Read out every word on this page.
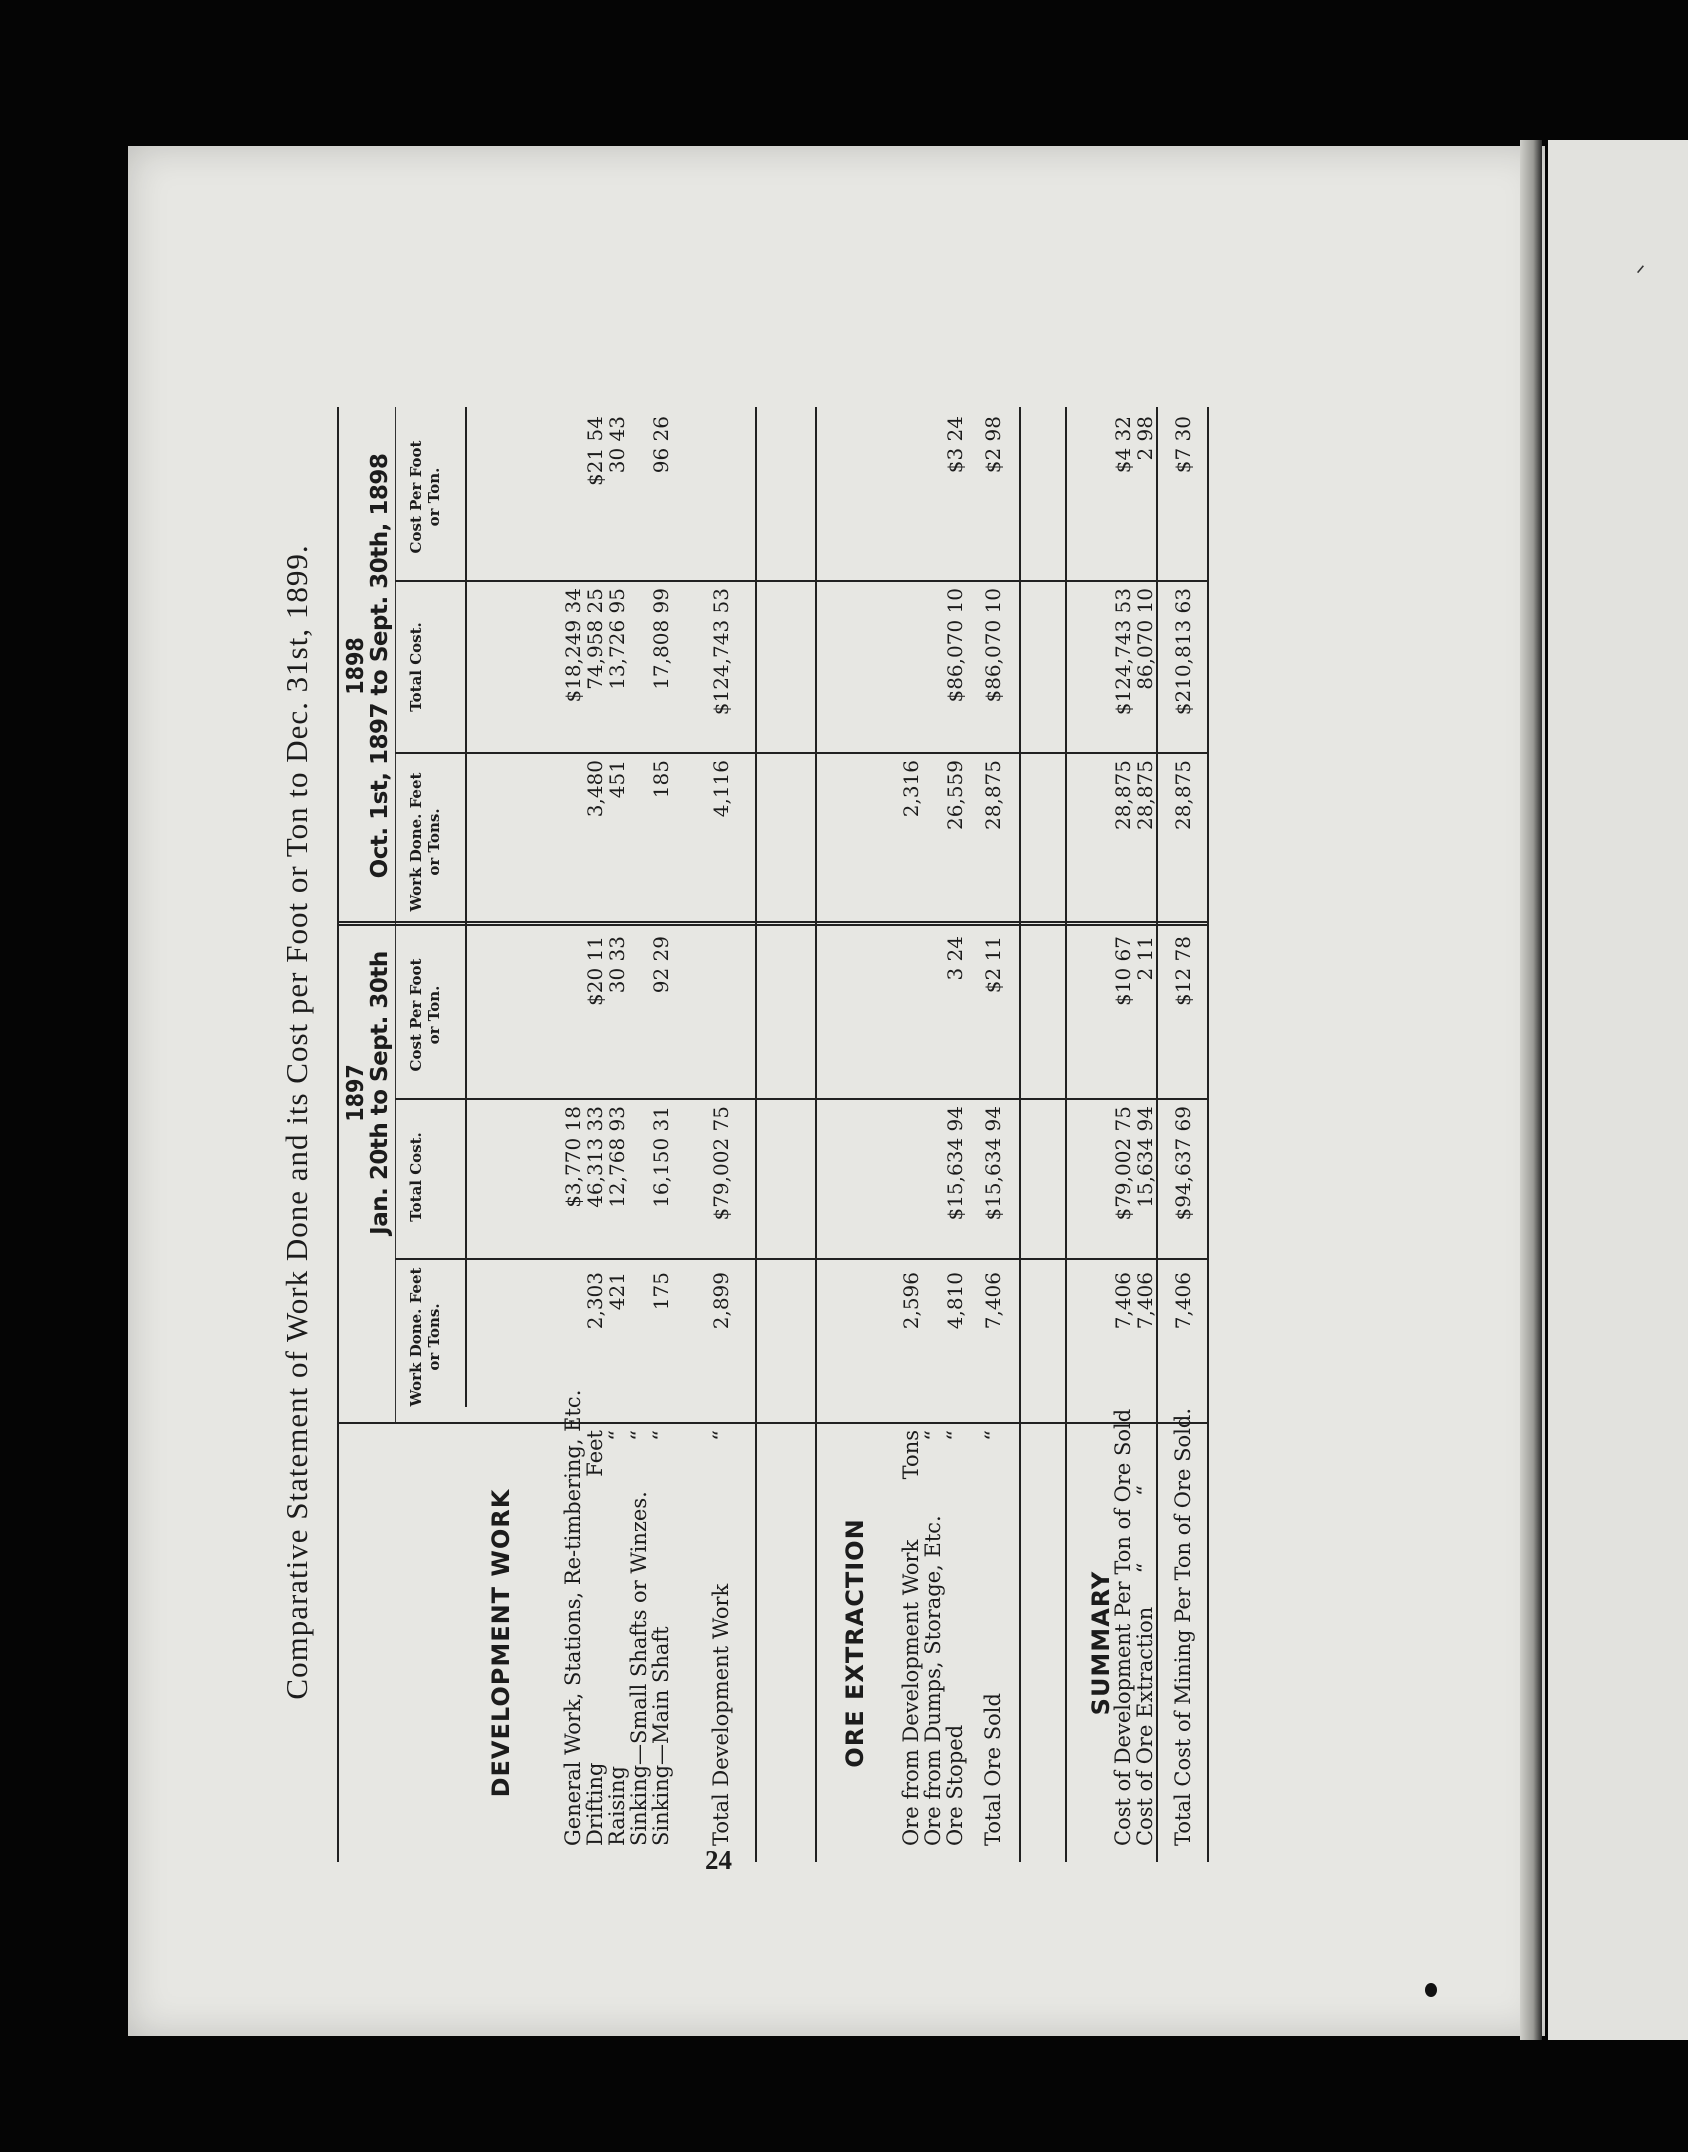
ᐟ
Comparative Statement of Work Done and its Cost per Foot or Ton to Dec. 31st, 1899.
24
1897
Jan. 20th to Sept. 30th
1898
Oct. 1st, 1897 to Sept. 30th, 1898
Work Done. Feet or Tons.
Total Cost.
Cost Per Foot or Ton.
Work Done. Feet or Tons.
Total Cost.
Cost Per Foot or Ton.
DEVELOPMENT WORK	ORE EXTRACTION	SUMMARY
General Work, Stations, Re-timbering, Etc.
$3,770 18
$18,249 34
Drifting
Feet
2,303
46,313 33
$20 11
3,480
74,958 25
$21 54
Raising
“
421
12,768 93
30 33
451
13,726 95
30 43
Sinking—Small Shafts or Winzes.
“
Sinking—Main Shaft
“
175
16,150 31
92 29
185
17,808 99
96 26
Total Development Work
“
2,899
$79,002 75
4,116
$124,743 53
Ore from Development Work
Tons
2,596
2,316
Ore from Dumps, Storage, Etc.
“
Ore Stoped
“
4,810
$15,634 94
3 24
26,559
$86,070 10
$3 24
Total Ore Sold
“
7,406
$15,634 94
$2 11
28,875
$86,070 10
$2 98
Cost of Development Per Ton of Ore Sold
7,406
$79,002 75
$10 67
28,875
$124,743 53
$4 32
Cost of Ore Extraction     “          “
7,406
15,634 94
2 11
28,875
86,070 10
2 98
Total Cost of Mining Per Ton of Ore Sold.
7,406
$94,637 69
$12 78
28,875
$210,813 63
$7 30
